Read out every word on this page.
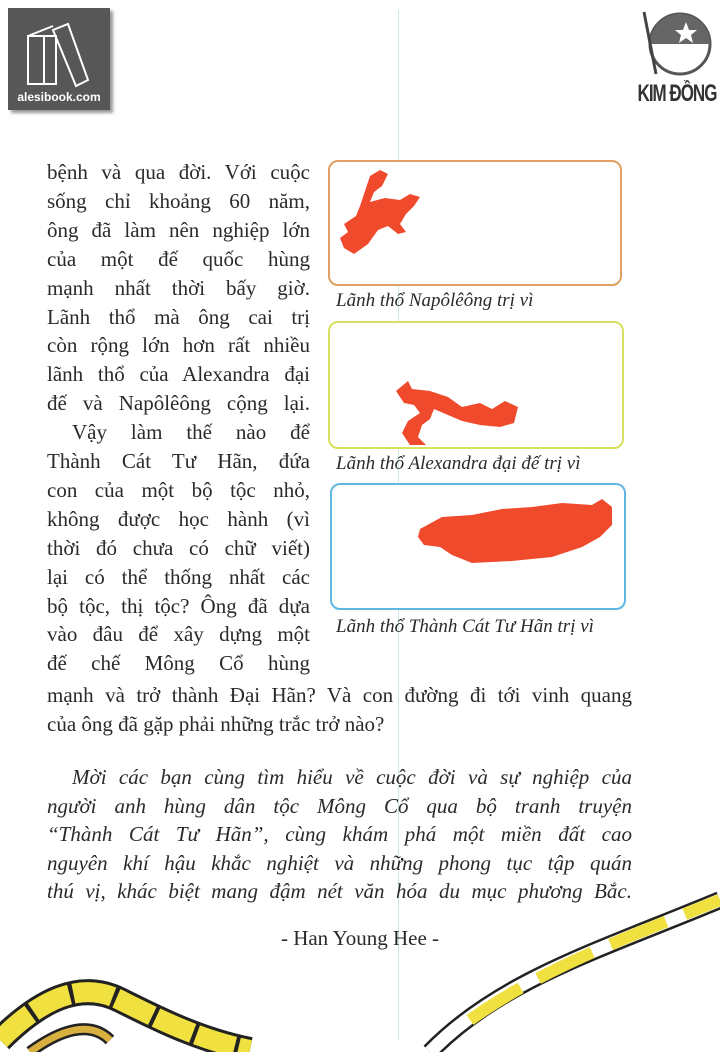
alesibook.com	KIM ĐỒNG
bệnh và qua đời. Với cuộc
sống chỉ khoảng 60 năm,
ông đã làm nên nghiệp lớn
của một đế quốc hùng
mạnh nhất thời bấy giờ.
Lãnh thổ mà ông cai trị
còn rộng lớn hơn rất nhiều
lãnh thổ của Alexandra đại
đế và Napôlêông cộng lại.
Vậy làm thế nào để
Thành Cát Tư Hãn, đứa
con của một bộ tộc nhỏ,
không được học hành (vì
thời đó chưa có chữ viết)
lại có thể thống nhất các
bộ tộc, thị tộc? Ông đã dựa
vào đâu để xây dựng một
đế chế Mông Cổ hùng
mạnh và trở thành Đại Hãn? Và con đường đi tới vinh quang
của ông đã gặp phải những trắc trở nào?
Mời các bạn cùng tìm hiểu về cuộc đời và sự nghiệp của
người anh hùng dân tộc Mông Cổ qua bộ tranh truyện
“Thành Cát Tư Hãn”, cùng khám phá một miền đất cao
nguyên khí hậu khắc nghiệt và những phong tục tập quán
thú vị, khác biệt mang đậm nét văn hóa du mục phương Bắc.
Lãnh thổ Napôlêông trị vì
Lãnh thổ Alexandra đại đế trị vì
Lãnh thổ Thành Cát Tư Hãn trị vì
- Han Young Hee -
